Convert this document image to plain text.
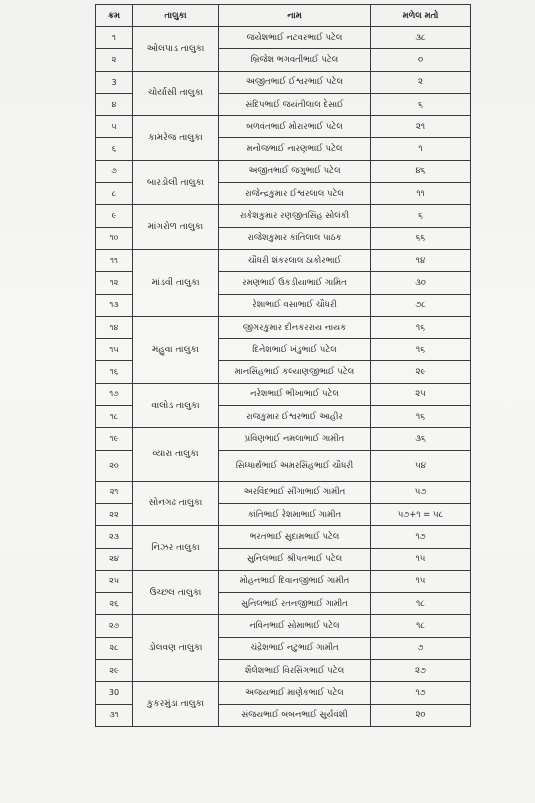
ક્રમ	તાલુકા	નામ	મળેલ મતો
૧	ઓલપાડ તાલુકા	જયેશભાઈ નટવરભાઈ પટેલ	૩૮
૨		બ્રિજેશ ભગવતીભાઈ પટેલ	૦
3	ચોર્યાસી તાલુકા	અજીતભાઈ ઈશ્વરભાઈ પટેલ	૨
૪		સંદિપભાઈ જયંતીલાલ દેસાઈ	૬
૫	કામરેજ તાલુકા	બળવંતભાઈ મોરારભાઈ પટેલ	૨૧
૬		મનોજભાઈ નારણભાઈ પટેલ	૧
૭	બારડોલી તાલુકા	અજીતભાઈ જગુભાઈ પટેલ	૪૬
૮		રાજેન્દ્રકુમાર ઈશ્વરલાલ પટેલ	૧૧
૯	માંગરોળ તાલુકા	રાકેશકુમાર રણજીતસિંહ સોલંકી	૬
૧૦		રાજેશકુમાર કાંતિલાલ પાઠક	૬૬
૧૧	માંડવી તાલુકા	ચૌધરી શંકરલાલ ઠાકોરભાઈ	૧૪
૧૨		રમણભાઈ ઉકડીયાભાઈ ગામિત	૩૦
૧૩		રેશાભાઈ વસાભાઈ ચૌધરી	૭૮
૧૪	મહુવા તાલુકા	જીગરકુમાર દીનકરરાય નાયક	૧૬
૧૫		દિનેશભાઈ ખંડુભાઈ પટેલ	૧૬
૧૬		માનસિંહભાઈ કલ્યાણજીભાઈ પટેલ	૨૯
૧૭	વાલોડ તાલુકા	નરેશભાઈ ભીખાભાઈ પટેલ	૨૫
૧૮		રાજકુમાર ઈશ્વરભાઈ આહીર	૧૬
૧૯	વ્યારા તાલુકા	પ્રવિણભાઈ નમલાભાઈ ગામીત	૩૬
૨૦		સિધ્ધાર્થભાઈ અમરસિંહભાઈ ચૌધરી	૫૪
૨૧	સોનગઢ તાલુકા	અરવિંદભાઈ સીંગાભાઈ ગામીત	૫૭
૨૨		કાંતિભાઈ રેશમાભાઈ ગામીત	૫૭+૧ = ૫૮
૨૩	નિઝર તાલુકા	ભરતભાઈ સુદામભાઈ પટેલ	૧૭
૨૪		સુનિલભાઈ શ્રીપતભાઈ પટેલ	૧૫
૨૫	ઉચ્છલ તાલુકા	મોહનભાઈ દિવાનજીભાઈ ગામીત	૧૫
૨૬		સુનિલભાઈ રતનજીભાઈ ગામીત	૧૮
૨૭	ડોલવણ તાલુકા	નવિનભાઈ સોમાભાઈ પટેલ	૧૮
૨૮		ચંદ્રેશભાઈ નટુભાઈ ગામીત	૭
૨૯		શૈલેશભાઈ વિરસિંગભાઈ પટેલ	૨૭
30	કુકરમુંડા તાલુકા	અજયભાઈ માણેકભાઈ પટેલ	૧૭
૩૧		સંજયભાઈ બબનભાઈ સુર્યવંશી	૨૦
